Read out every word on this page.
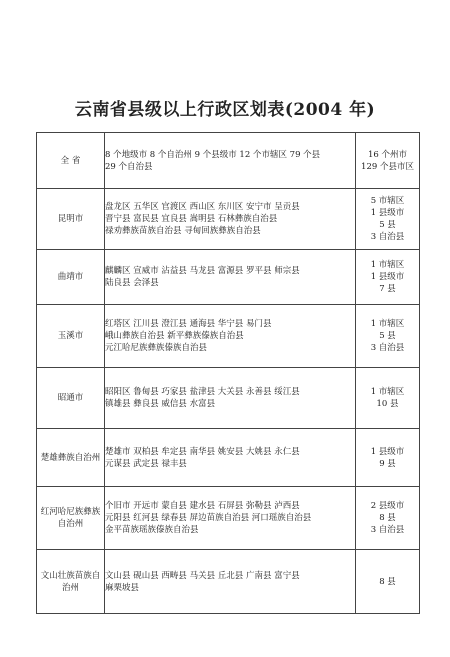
云南省县级以上行政区划表(2004 年)
全 省	8 个地级市 8 个自治州 9 个县级市 12 个市辖区 79 个县
29 个自治县	16 个州市
129 个县市区

昆明市	盘龙区 五华区 官渡区 西山区 东川区 安宁市 呈贡县
晋宁县 富民县 宜良县 嵩明县 石林彝族自治县
禄劝彝族苗族自治县 寻甸回族彝族自治县	5 市辖区
1 县级市
5 县
3 自治县

曲靖市	麒麟区 宣威市 沾益县 马龙县 富源县 罗平县 师宗县
陆良县 会泽县	1 市辖区
1 县级市
7 县

玉溪市	红塔区 江川县 澄江县 通海县 华宁县 易门县
峨山彝族自治县 新平彝族傣族自治县
元江哈尼族彝族傣族自治县	1 市辖区
5 县
3 自治县

昭通市	昭阳区 鲁甸县 巧家县 盐津县 大关县 永善县 绥江县
镇雄县 彝良县 威信县 水富县	1 市辖区
10 县

楚雄彝族自治州	楚雄市 双柏县 牟定县 南华县 姚安县 大姚县 永仁县
元谋县 武定县 禄丰县	1 县级市
9 县

红河哈尼族彝族自治州	个旧市 开远市 蒙自县 建水县 石屏县 弥勒县 泸西县
元阳县 红河县 绿春县 屏边苗族自治县 河口瑶族自治县
金平苗族瑶族傣族自治县	2 县级市
8 县
3 自治县

文山壮族苗族自治州	文山县 砚山县 西畴县 马关县 丘北县 广南县 富宁县
麻栗坡县	8 县
